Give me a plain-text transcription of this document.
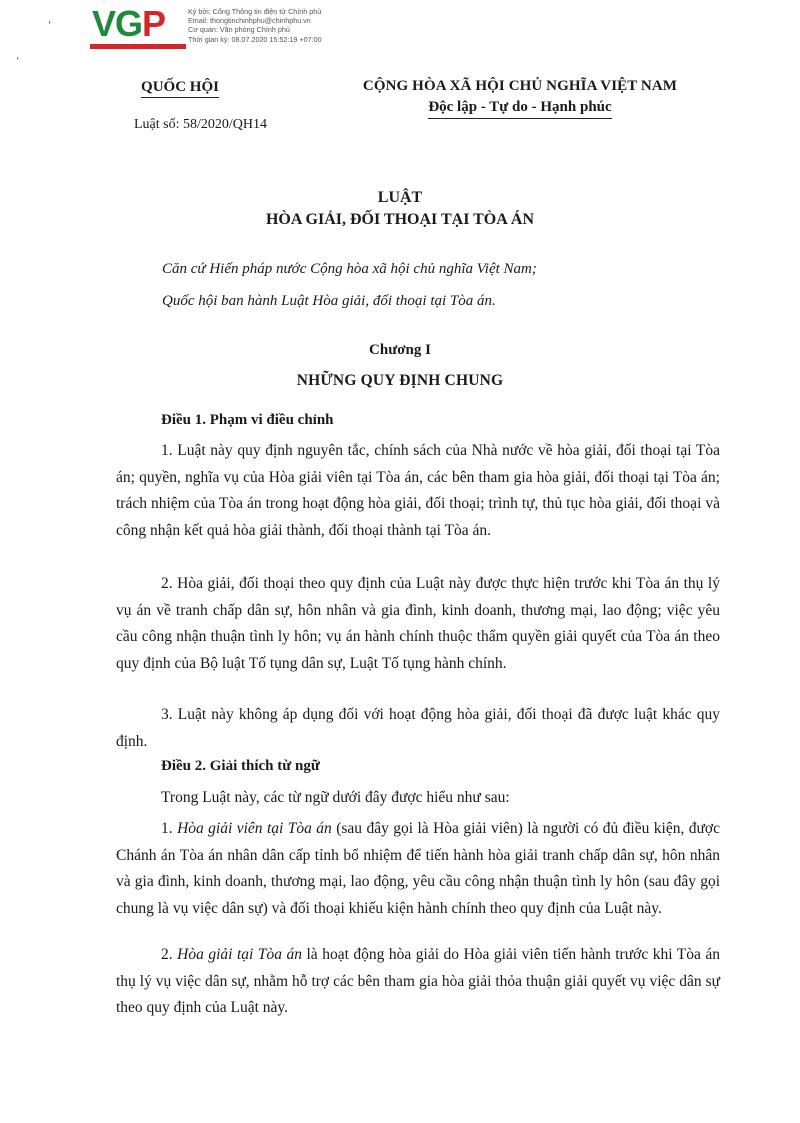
VGP	Ký bởi: Cổng Thông tin điện tử Chính phủ
Email: thongtinchinhphu@chinhphu.vn
Cơ quan: Văn phòng Chính phủ
Thời gian ký: 08.07.2020 15:52:19 +07:00
‘
‘
QUỐC HỘI
Luật số: 58/2020/QH14
CỘNG HÒA XÃ HỘI CHỦ NGHĨA VIỆT NAM
Độc lập - Tự do - Hạnh phúc
LUẬT
HÒA GIẢI, ĐỐI THOẠI TẠI TÒA ÁN
Căn cứ Hiến pháp nước Cộng hòa xã hội chủ nghĩa Việt Nam;
Quốc hội ban hành Luật Hòa giải, đối thoại tại Tòa án.
Chương I
NHỮNG QUY ĐỊNH CHUNG
Điều 1. Phạm vi điều chỉnh

1. Luật này quy định nguyên tắc, chính sách của Nhà nước về hòa giải, đối thoại tại Tòa án; quyền, nghĩa vụ của Hòa giải viên tại Tòa án, các bên tham gia hòa giải, đối thoại tại Tòa án; trách nhiệm của Tòa án trong hoạt động hòa giải, đối thoại; trình tự, thủ tục hòa giải, đối thoại và công nhận kết quả hòa giải thành, đối thoại thành tại Tòa án.

2. Hòa giải, đối thoại theo quy định của Luật này được thực hiện trước khi Tòa án thụ lý vụ án về tranh chấp dân sự, hôn nhân và gia đình, kinh doanh, thương mại, lao động; việc yêu cầu công nhận thuận tình ly hôn; vụ án hành chính thuộc thẩm quyền giải quyết của Tòa án theo quy định của Bộ luật Tố tụng dân sự, Luật Tố tụng hành chính.

3. Luật này không áp dụng đối với hoạt động hòa giải, đối thoại đã được luật khác quy định.

Điều 2. Giải thích từ ngữ

Trong Luật này, các từ ngữ dưới đây được hiểu như sau:

1. Hòa giải viên tại Tòa án (sau đây gọi là Hòa giải viên) là người có đủ điều kiện, được Chánh án Tòa án nhân dân cấp tỉnh bổ nhiệm để tiến hành hòa giải tranh chấp dân sự, hôn nhân và gia đình, kinh doanh, thương mại, lao động, yêu cầu công nhận thuận tình ly hôn (sau đây gọi chung là vụ việc dân sự) và đối thoại khiếu kiện hành chính theo quy định của Luật này.

2. Hòa giải tại Tòa án là hoạt động hòa giải do Hòa giải viên tiến hành trước khi Tòa án thụ lý vụ việc dân sự, nhằm hỗ trợ các bên tham gia hòa giải thỏa thuận giải quyết vụ việc dân sự theo quy định của Luật này.
